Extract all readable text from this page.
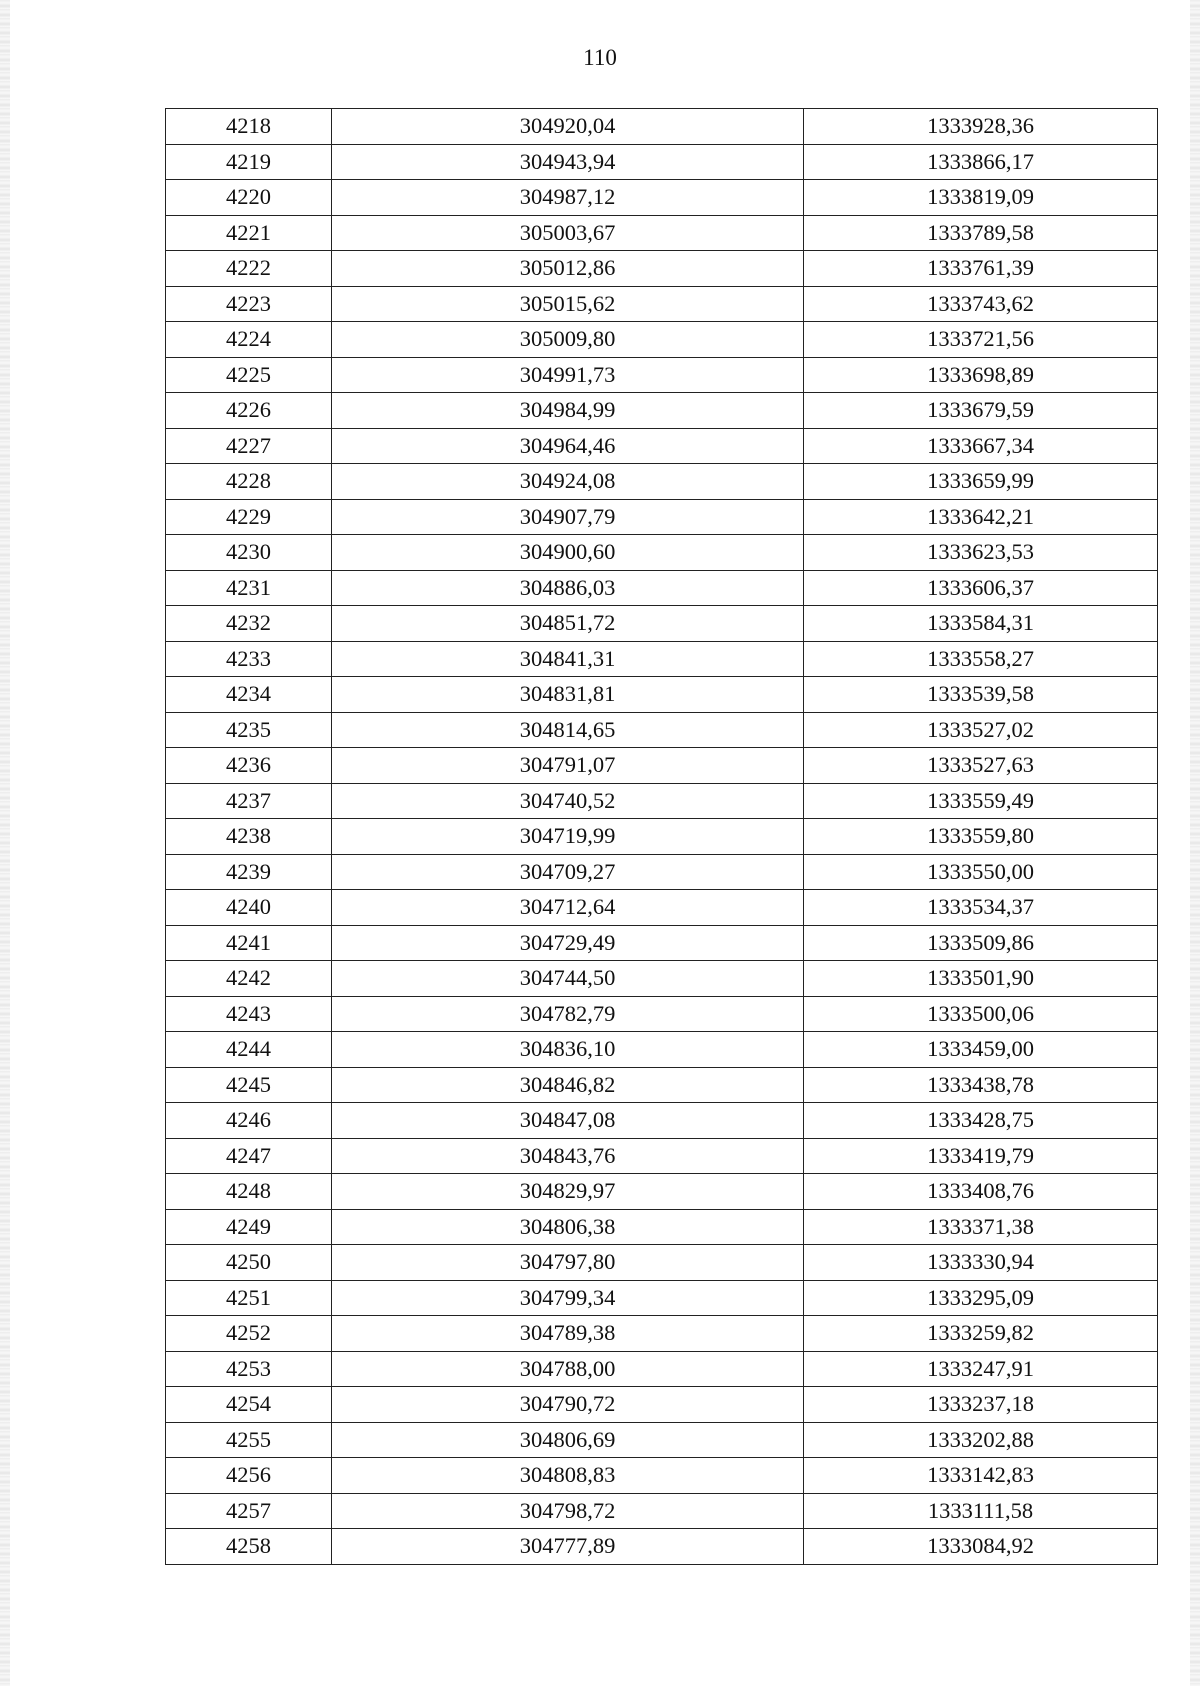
110
4218	304920,04	1333928,36
4219	304943,94	1333866,17
4220	304987,12	1333819,09
4221	305003,67	1333789,58
4222	305012,86	1333761,39
4223	305015,62	1333743,62
4224	305009,80	1333721,56
4225	304991,73	1333698,89
4226	304984,99	1333679,59
4227	304964,46	1333667,34
4228	304924,08	1333659,99
4229	304907,79	1333642,21
4230	304900,60	1333623,53
4231	304886,03	1333606,37
4232	304851,72	1333584,31
4233	304841,31	1333558,27
4234	304831,81	1333539,58
4235	304814,65	1333527,02
4236	304791,07	1333527,63
4237	304740,52	1333559,49
4238	304719,99	1333559,80
4239	304709,27	1333550,00
4240	304712,64	1333534,37
4241	304729,49	1333509,86
4242	304744,50	1333501,90
4243	304782,79	1333500,06
4244	304836,10	1333459,00
4245	304846,82	1333438,78
4246	304847,08	1333428,75
4247	304843,76	1333419,79
4248	304829,97	1333408,76
4249	304806,38	1333371,38
4250	304797,80	1333330,94
4251	304799,34	1333295,09
4252	304789,38	1333259,82
4253	304788,00	1333247,91
4254	304790,72	1333237,18
4255	304806,69	1333202,88
4256	304808,83	1333142,83
4257	304798,72	1333111,58
4258	304777,89	1333084,92
